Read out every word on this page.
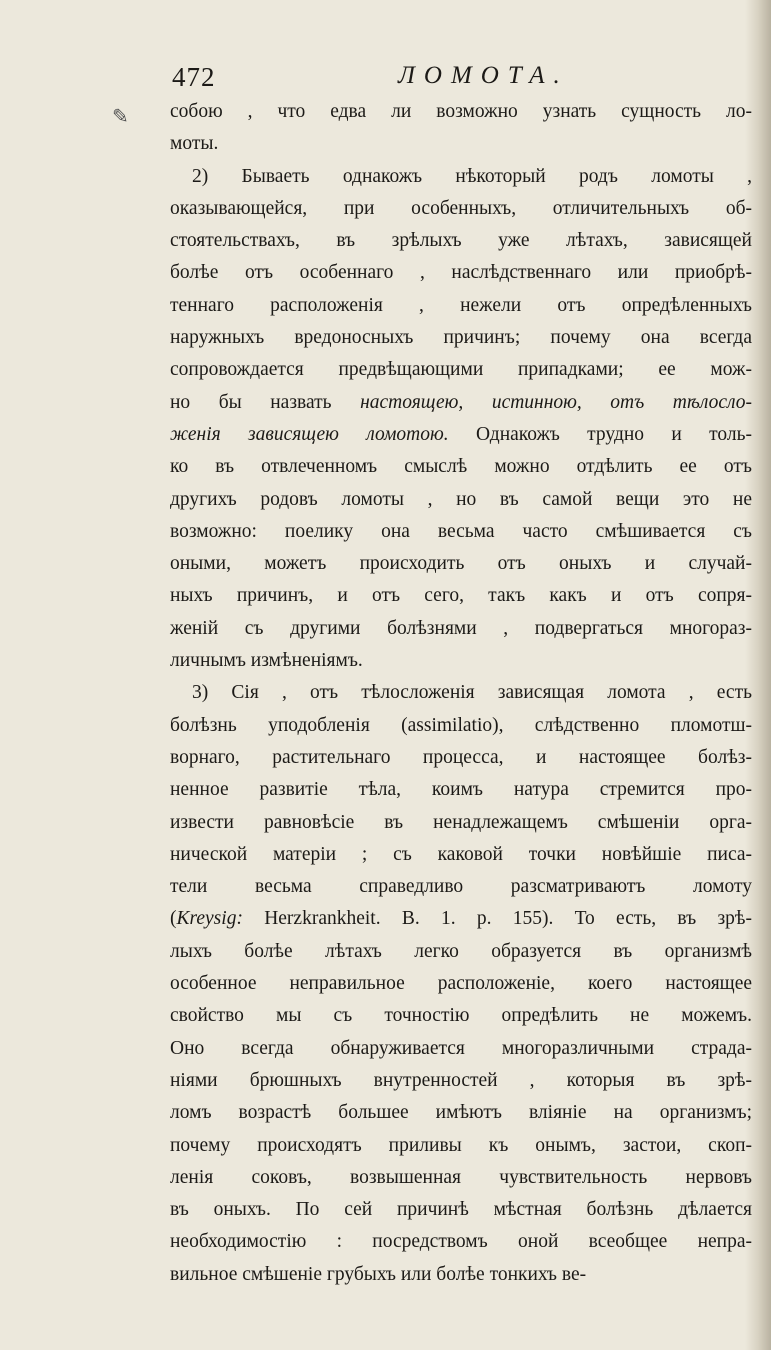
✎
472	ЛОМОТА.
собою , что едва ли возможно узнать сущность ло-
моты.
2) Бываеть однакожъ нѣкоторый родъ ломоты ,
оказывающейся, при особенныхъ, отличительныхъ об-
стоятельствахъ, въ зрѣлыхъ уже лѣтахъ, зависящей
болѣе отъ особеннаго , наслѣдственнаго или приобрѣ-
теннаго расположенія , нежели отъ опредѣленныхъ
наружныхъ вредоносныхъ причинъ; почему она всегда
сопровождается предвѣщающими припадками; ее мож-
но бы назвать настоящею, истинною, отъ тѣлосло-
женія зависящею ломотою. Однакожъ трудно и толь-
ко въ отвлеченномъ смыслѣ можно отдѣлить ее отъ
другихъ родовъ ломоты , но въ самой вещи это не
возможно: поелику она весьма часто смѣшивается съ
оными, можетъ происходить отъ оныхъ и случай-
ныхъ причинъ, и отъ сего, такъ какъ и отъ сопря-
женій съ другими болѣзнями , подвергаться многораз-
личнымъ измѣненіямъ.
3) Сія , отъ тѣлосложенія зависящая ломота , есть
болѣзнь уподобленія (assimilatio), слѣдственно пломотш-
ворнаго, растительнаго процесса, и настоящее болѣз-
ненное развитіе тѣла, коимъ натура стремится про-
извести равновѣсіе въ ненадлежащемъ смѣшеніи орга-
нической матеріи ; съ каковой точки новѣйшіе писа-
тели весьма справедливо разсматриваютъ ломоту
(Kreysig: Herzkrankheit. B. 1. p. 155). То есть, въ зрѣ-
лыхъ болѣе лѣтахъ легко образуется въ организмѣ
особенное неправильное расположеніе, коего настоящее
свойство мы съ точностію опредѣлить не можемъ.
Оно всегда обнаруживается многоразличными страда-
ніями брюшныхъ внутренностей , которыя въ зрѣ-
ломъ возрастѣ большее имѣютъ вліяніе на организмъ;
почему происходятъ приливы къ онымъ, застои, скоп-
ленія соковъ, возвышенная чувствительность нервовъ
въ оныхъ. По сей причинѣ мѣстная болѣзнь дѣлается
необходимостію : посредствомъ оной всеобщее непра-
вильное смѣшеніе грубыхъ или болѣе тонкихъ ве-
